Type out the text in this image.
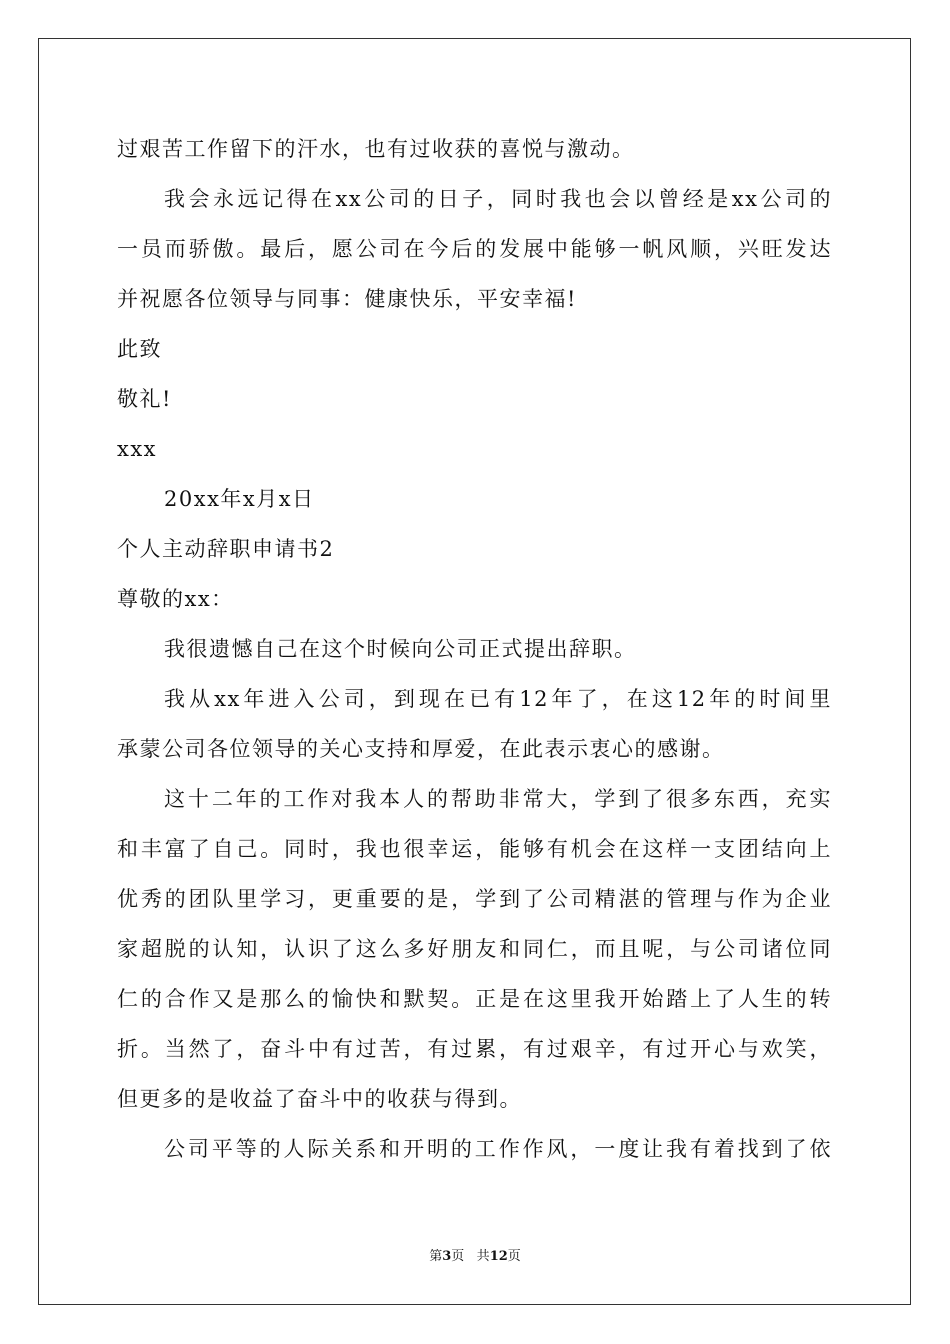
过艰苦工作留下的汗水，也有过收获的喜悦与激动。
我会永远记得在xx公司的日子，同时我也会以曾经是xx公司的
一员而骄傲。最后，愿公司在今后的发展中能够一帆风顺，兴旺发达
并祝愿各位领导与同事：健康快乐，平安幸福!
此致
敬礼!
xxx
20xx年x月x日
个人主动辞职申请书2
尊敬的xx：
我很遗憾自己在这个时候向公司正式提出辞职。
我从xx年进入公司，到现在已有12年了，在这12年的时间里
承蒙公司各位领导的关心支持和厚爱，在此表示衷心的感谢。
这十二年的工作对我本人的帮助非常大，学到了很多东西，充实
和丰富了自己。同时，我也很幸运，能够有机会在这样一支团结向上
优秀的团队里学习，更重要的是，学到了公司精湛的管理与作为企业
家超脱的认知，认识了这么多好朋友和同仁，而且呢，与公司诸位同
仁的合作又是那么的愉快和默契。正是在这里我开始踏上了人生的转
折。当然了，奋斗中有过苦，有过累，有过艰辛，有过开心与欢笑，
但更多的是收益了奋斗中的收获与得到。
公司平等的人际关系和开明的工作作风，一度让我有着找到了依
第3页 共12页
